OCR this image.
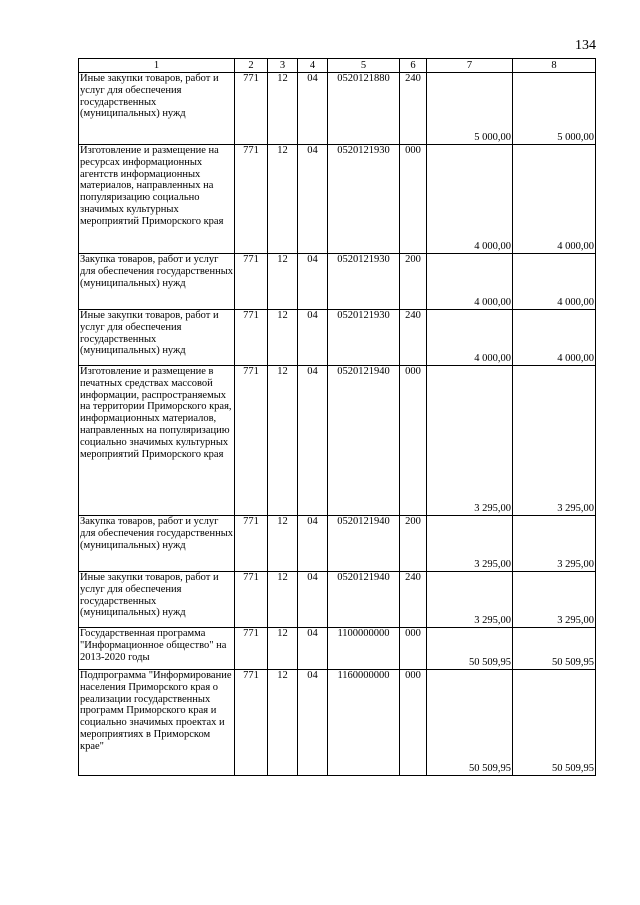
134
1	2	3	4	5	6	7	8
Иные закупки товаров, работ и услуг для обеспечения государственных (муниципальных) нужд	771	12	04	0520121880	240	5 000,00	5 000,00
Изготовление и размещение на ресурсах информационных агентств информационных материалов, направленных на популяризацию социально значимых культурных мероприятий Приморского края	771	12	04	0520121930	000	4 000,00	4 000,00
Закупка товаров, работ и услуг для обеспечения государственных (муниципальных) нужд	771	12	04	0520121930	200	4 000,00	4 000,00
Иные закупки товаров, работ и услуг для обеспечения государственных (муниципальных) нужд	771	12	04	0520121930	240	4 000,00	4 000,00
Изготовление и размещение в печатных средствах массовой информации, распространяемых на территории Приморского края, информационных материалов, направленных на популяризацию социально значимых культурных мероприятий Приморского края	771	12	04	0520121940	000	3 295,00	3 295,00
Закупка товаров, работ и услуг для обеспечения государственных (муниципальных) нужд	771	12	04	0520121940	200	3 295,00	3 295,00
Иные закупки товаров, работ и услуг для обеспечения государственных (муниципальных) нужд	771	12	04	0520121940	240	3 295,00	3 295,00
Государственная программа "Информационное общество" на 2013-2020 годы	771	12	04	1100000000	000	50 509,95	50 509,95
Подпрограмма "Информирование населения Приморского края о реализации государственных программ Приморского края и социально значимых проектах и мероприятиях в Приморском крае"	771	12	04	1160000000	000	50 509,95	50 509,95
